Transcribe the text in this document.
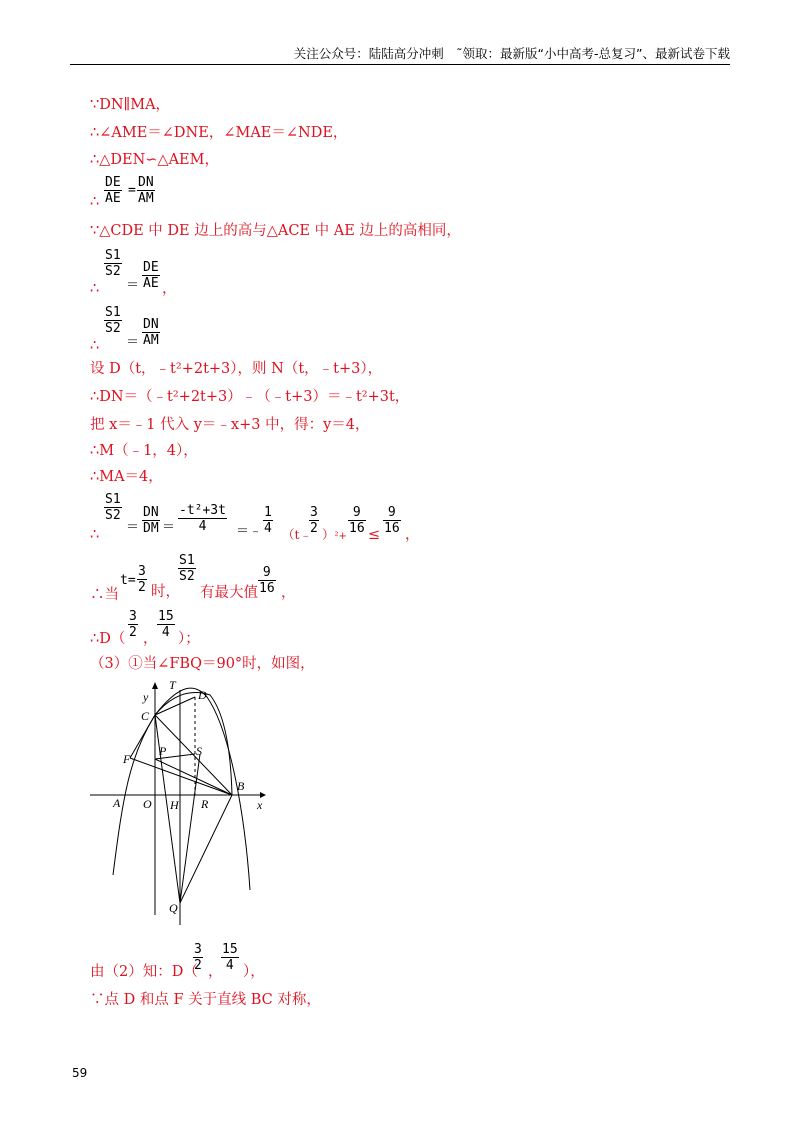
关注公众号：陆陆高分冲刺　˜领取：最新版“小中高考-总复习”、最新试卷下载
∵DN∥MA，
∴∠AME＝∠DNE，∠MAE＝∠NDE，
∴△DEN∽△AEM，
∴
DE
AE
=
DN
AM
∵△CDE 中 DE 边上的高与△ACE 中 AE 边上的高相同，
∴
S1
S2
＝
DE
AE ，
∴
S1
S2
＝
DN
AM
设 D（t，﹣t²+2t+3），则 N（t，﹣t+3），
∴DN＝（﹣t²+2t+3）﹣（﹣t+3）＝﹣t²+3t，
把 x＝﹣1 代入 y＝﹣x+3 中，得：y＝4，
∴M（﹣1，4），
∴MA＝4，
∴
S1
S2
＝
DN
DM ＝
-t²+3t
4	＝﹣
1
4 （t﹣
3
2 ）²+
9
16 ≤
9
16 ，
∴当
t=
3
2 时，
S1
S2
有最大值
9
16 ，
∴D（
3
2 ，
15
4 ）；
（3）①当∠FBQ＝90°时，如图，
y
x
T
D
C
F
P S
B
A O H R
Q
由（2）知：D（
3
2 ，
15
4 ），
∵点 D 和点 F 关于直线 BC 对称，
59
